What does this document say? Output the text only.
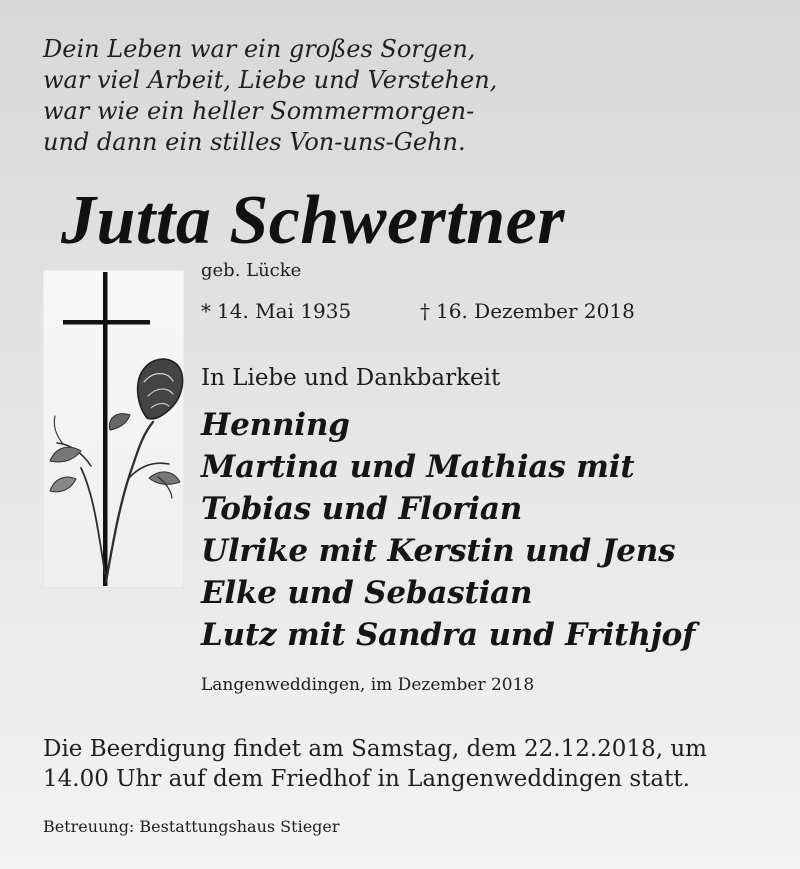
Dein Leben war ein großes Sorgen,
war viel Arbeit, Liebe und Verstehen,
war wie ein heller Sommermorgen-
und dann ein stilles Von-uns-Gehn.

Jutta Schwertner
geb. Lücke
* 14. Mai 1935	† 16. Dezember 2018
In Liebe und Dankbarkeit
Henning
Martina und Mathias mit
Tobias und Florian
Ulrike mit Kerstin und Jens
Elke und Sebastian
Lutz mit Sandra und Frithjof
Langenweddingen, im Dezember 2018

Die Beerdigung findet am Samstag, dem 22.12.2018, um
14.00 Uhr auf dem Friedhof in Langenweddingen statt.

Betreuung: Bestattungshaus Stieger
